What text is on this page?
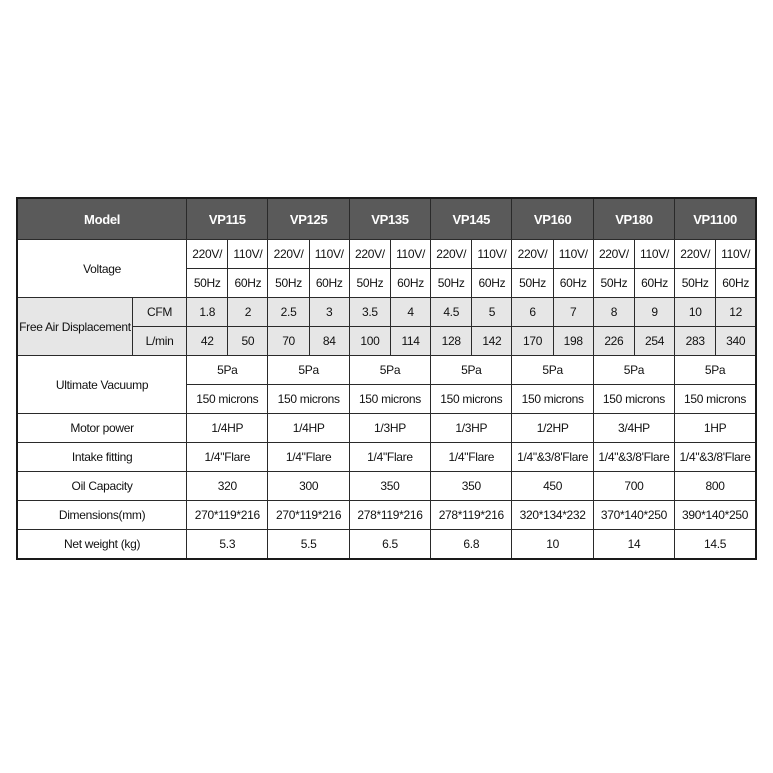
Model		VP115		VP125		VP135		VP145		VP160		VP180		VP1100	
Voltage		220V/	110V/	220V/	110V/	220V/	110V/	220V/	110V/	220V/	110V/	220V/	110V/	220V/	110V/
		50Hz	60Hz	50Hz	60Hz	50Hz	60Hz	50Hz	60Hz	50Hz	60Hz	50Hz	60Hz	50Hz	60Hz
Free Air Displacement	CFM	1.8	2	2.5	3	3.5	4	4.5	5	6	7	8	9	10	12
	L/min	42	50	70	84	100	114	128	142	170	198	226	254	283	340
Ultimate Vacuump		5Pa		5Pa		5Pa		5Pa		5Pa		5Pa		5Pa	
		150 microns		150 microns		150 microns		150 microns		150 microns		150 microns		150 microns	
Motor power		1/4HP		1/4HP		1/3HP		1/3HP		1/2HP		3/4HP		1HP	
Intake fitting		1/4"Flare		1/4"Flare		1/4"Flare		1/4"Flare		1/4"&3/8'Flare		1/4"&3/8'Flare		1/4"&3/8'Flare	
Oil Capacity		320		300		350		350		450		700		800	
Dimensions(mm)		270*119*216		270*119*216		278*119*216		278*119*216		320*134*232		370*140*250		390*140*250	
Net weight (kg)		5.3		5.5		6.5		6.8		10		14		14.5	
